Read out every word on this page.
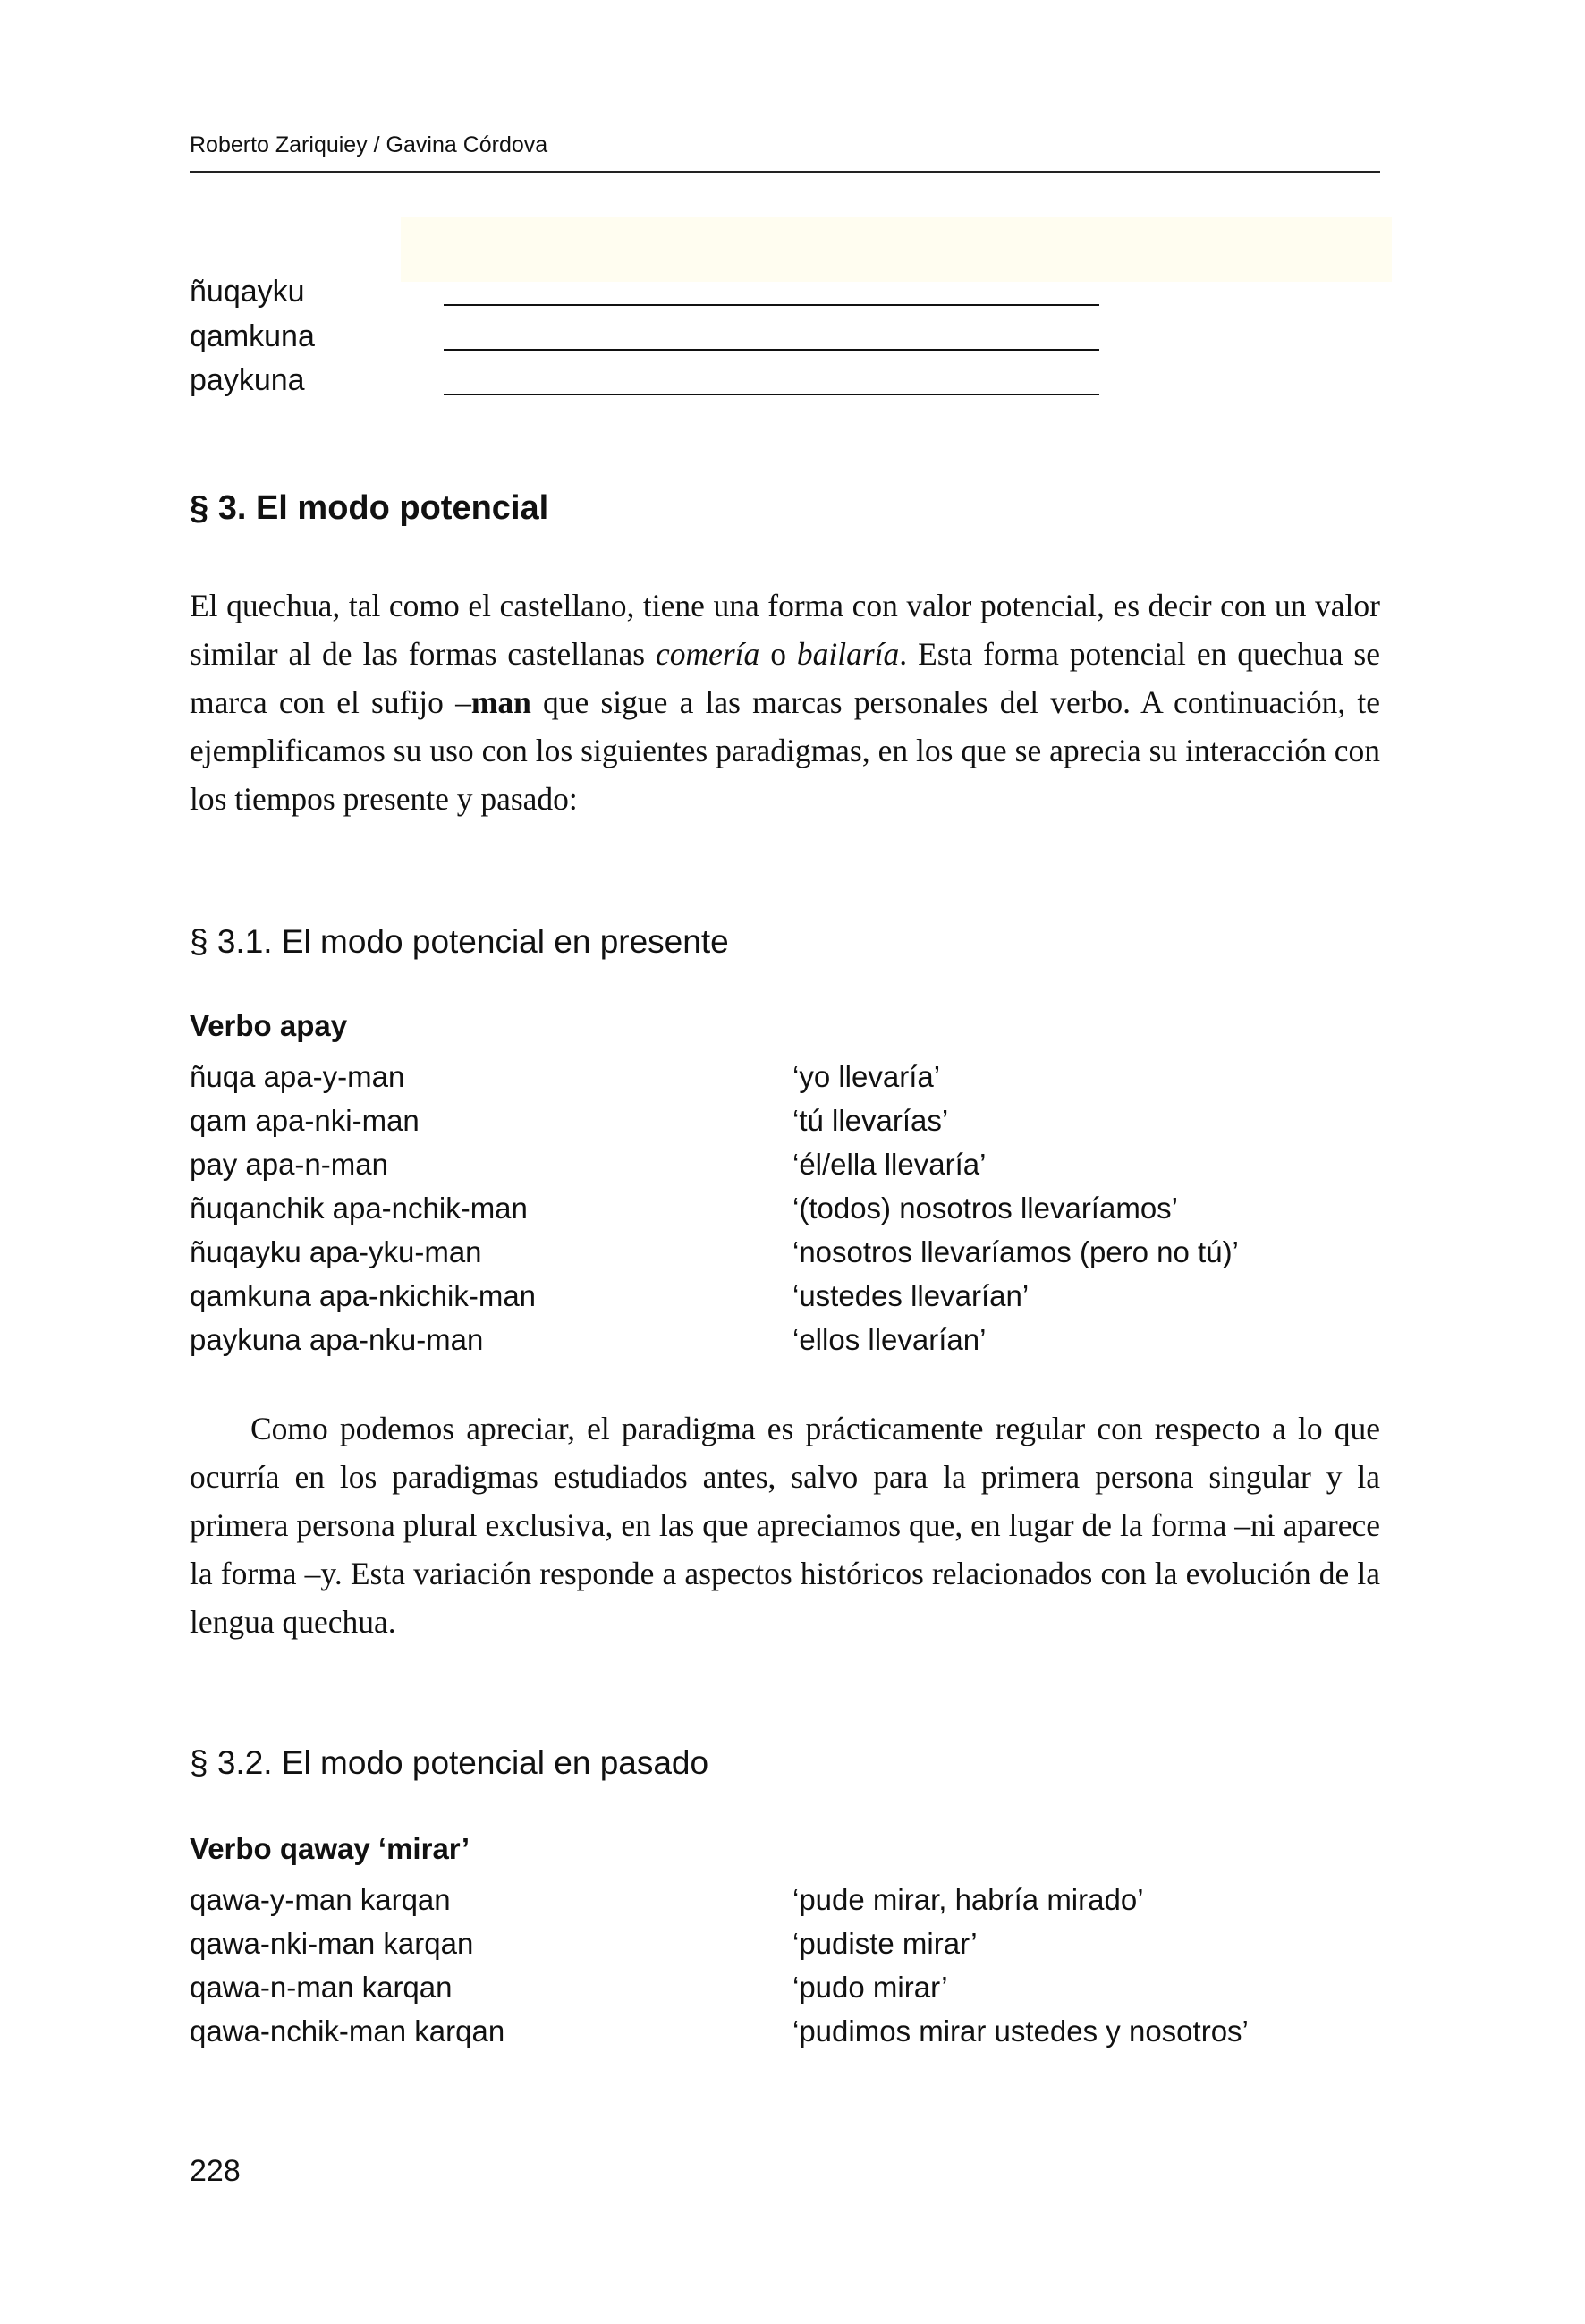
Roberto Zariquiey / Gavina Córdova
ñuqayku
qamkuna
paykuna
§ 3. El modo potencial

El quechua, tal como el castellano, tiene una forma con valor potencial, es decir con un valor similar al de las formas castellanas comería o bailaría. Esta forma potencial en quechua se marca con el sufijo –man que sigue a las marcas personales del verbo. A continuación, te ejemplificamos su uso con los siguientes paradigmas, en los que se aprecia su interacción con los tiempos presente y pasado:

§ 3.1. El modo potencial en presente
Verbo apay
ñuqa apa-y-man	‘yo llevaría’
qam apa-nki-man	‘tú llevarías’
pay apa-n-man	‘él/ella llevaría’
ñuqanchik apa-nchik-man	‘(todos) nosotros llevaríamos’
ñuqayku apa-yku-man	‘nosotros llevaríamos (pero no tú)’
qamkuna apa-nkichik-man	‘ustedes llevarían’
paykuna apa-nku-man	‘ellos llevarían’

Como podemos apreciar, el paradigma es prácticamente regular con respecto a lo que ocurría en los paradigmas estudiados antes, salvo para la primera persona singular y la primera persona plural exclusiva, en las que apreciamos que, en lugar de la forma –ni aparece la forma –y. Esta variación responde a aspectos históricos relacionados con la evolución de la lengua quechua.

§ 3.2. El modo potencial en pasado
Verbo qaway ‘mirar’
qawa-y-man karqan	‘pude mirar, habría mirado’
qawa-nki-man karqan	‘pudiste mirar’
qawa-n-man karqan	‘pudo mirar’
qawa-nchik-man karqan	‘pudimos mirar ustedes y nosotros’
228
